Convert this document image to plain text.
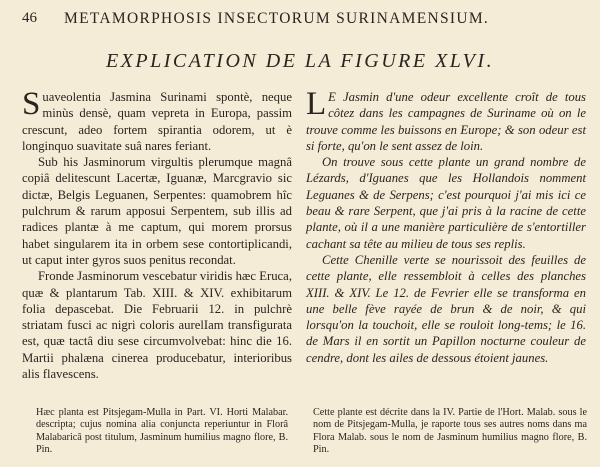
46 METAMORPHOSIS INSECTORUM SURINAMENSIUM.
EXPLICATION DE LA FIGURE XLVI.

Suaveolentia Jasmina Surinami spontè, neque minùs densè, quam vepreta in Europa, passim crescunt, adeo fortem spirantia odorem, ut è longinquo suavitate suâ nares feriant.

Sub his Jasminorum virgultis plerumque magnâ copiâ delitescunt Lacertæ, Iguanæ, Marcgravio sic dictæ, Belgis Leguanen, Serpentes: quamobrem hîc pulchrum & rarum apposui Serpentem, sub illis ad radices plantæ à me captum, qui morem prorsus habet singularem ita in orbem sese contortiplicandi, ut caput inter gyros suos penitus recondat.

Fronde Jasminorum vescebatur viridis hæc Eruca, quæ & plantarum Tab. XIII. & XIV. exhibitarum folia depascebat. Die Februarii 12. in pulchrè striatam fusci ac nigri coloris aurelIam transfigurata est, quæ tactâ diu sese circumvolvebat: hinc die 16. Martii phalæna cinerea producebatur, interioribus alis flavescens.

L E Jasmin d'une odeur excellente croît de tous côtez dans les campagnes de Suriname où on le trouve comme les buissons en Europe; & son odeur est si forte, qu'on le sent assez de loin.

On trouve sous cette plante un grand nombre de Lézards, d'Iguanes que les Hollandois nomment Leguanes & de Serpens; c'est pourquoi j'ai mis ici ce beau & rare Serpent, que j'ai pris à la racine de cette plante, où il a une manière particulière de s'entortiller cachant sa tête au milieu de tous ses replis.

Cette Chenille verte se nourissoit des feuilles de cette plante, elle ressembloit à celles des planches XIII. & XIV. Le 12. de Fevrier elle se transforma en une belle fève rayée de brun & de noir, & qui lorsqu'on la touchoit, elle se rouloit long-tems; le 16. de Mars il en sortit un Papillon nocturne couleur de cendre, dont les ailes de dessous étoient jaunes.

Hæc planta est Pitsjegam-Mulla in Part. VI. Horti Malabar. descripta; cujus nomina alia conjuncta reperiuntur in Florâ Malabaricâ post titulum, Jasminum humilius magno flore, B. Pin.

Cette plante est décrite dans la IV. Partie de l'Hort. Malab. sous le nom de Pitsjegam-Mulla, je raporte tous ses autres noms dans ma Flora Malab. sous le nom de Jasminum humilius magno flore, B. Pin.
